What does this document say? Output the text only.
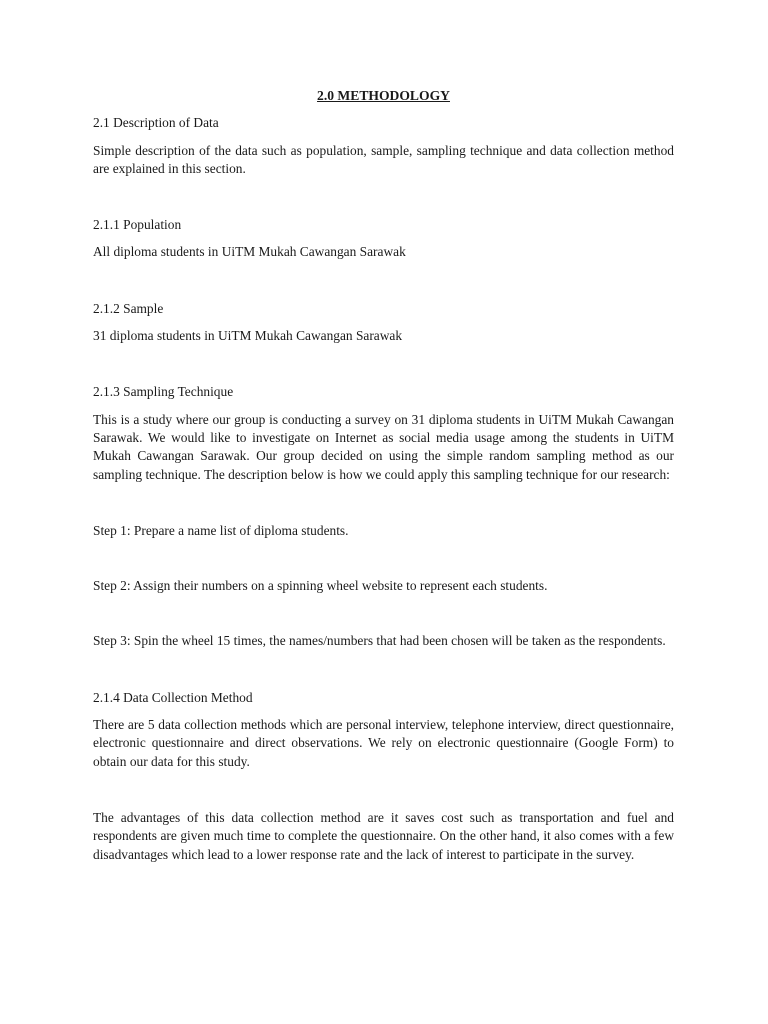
2.0 METHODOLOGY

2.1 Description of Data

Simple description of the data such as population, sample, sampling technique and data collection method are explained in this section.

2.1.1 Population

All diploma students in UiTM Mukah Cawangan Sarawak

2.1.2 Sample

31 diploma students in UiTM Mukah Cawangan Sarawak

2.1.3 Sampling Technique

This is a study where our group is conducting a survey on 31 diploma students in UiTM Mukah Cawangan Sarawak. We would like to investigate on Internet as social media usage among the students in UiTM Mukah Cawangan Sarawak. Our group decided on using the simple random sampling method as our sampling technique. The description below is how we could apply this sampling technique for our research:

Step 1: Prepare a name list of diploma students.

Step 2: Assign their numbers on a spinning wheel website to represent each students.

Step 3: Spin the wheel 15 times, the names/numbers that had been chosen will be taken as the respondents.

2.1.4 Data Collection Method

There are 5 data collection methods which are personal interview, telephone interview, direct questionnaire, electronic questionnaire and direct observations. We rely on electronic questionnaire (Google Form) to obtain our data for this study.

The advantages of this data collection method are it saves cost such as transportation and fuel and respondents are given much time to complete the questionnaire. On the other hand, it also comes with a few disadvantages which lead to a lower response rate and the lack of interest to participate in the survey.
